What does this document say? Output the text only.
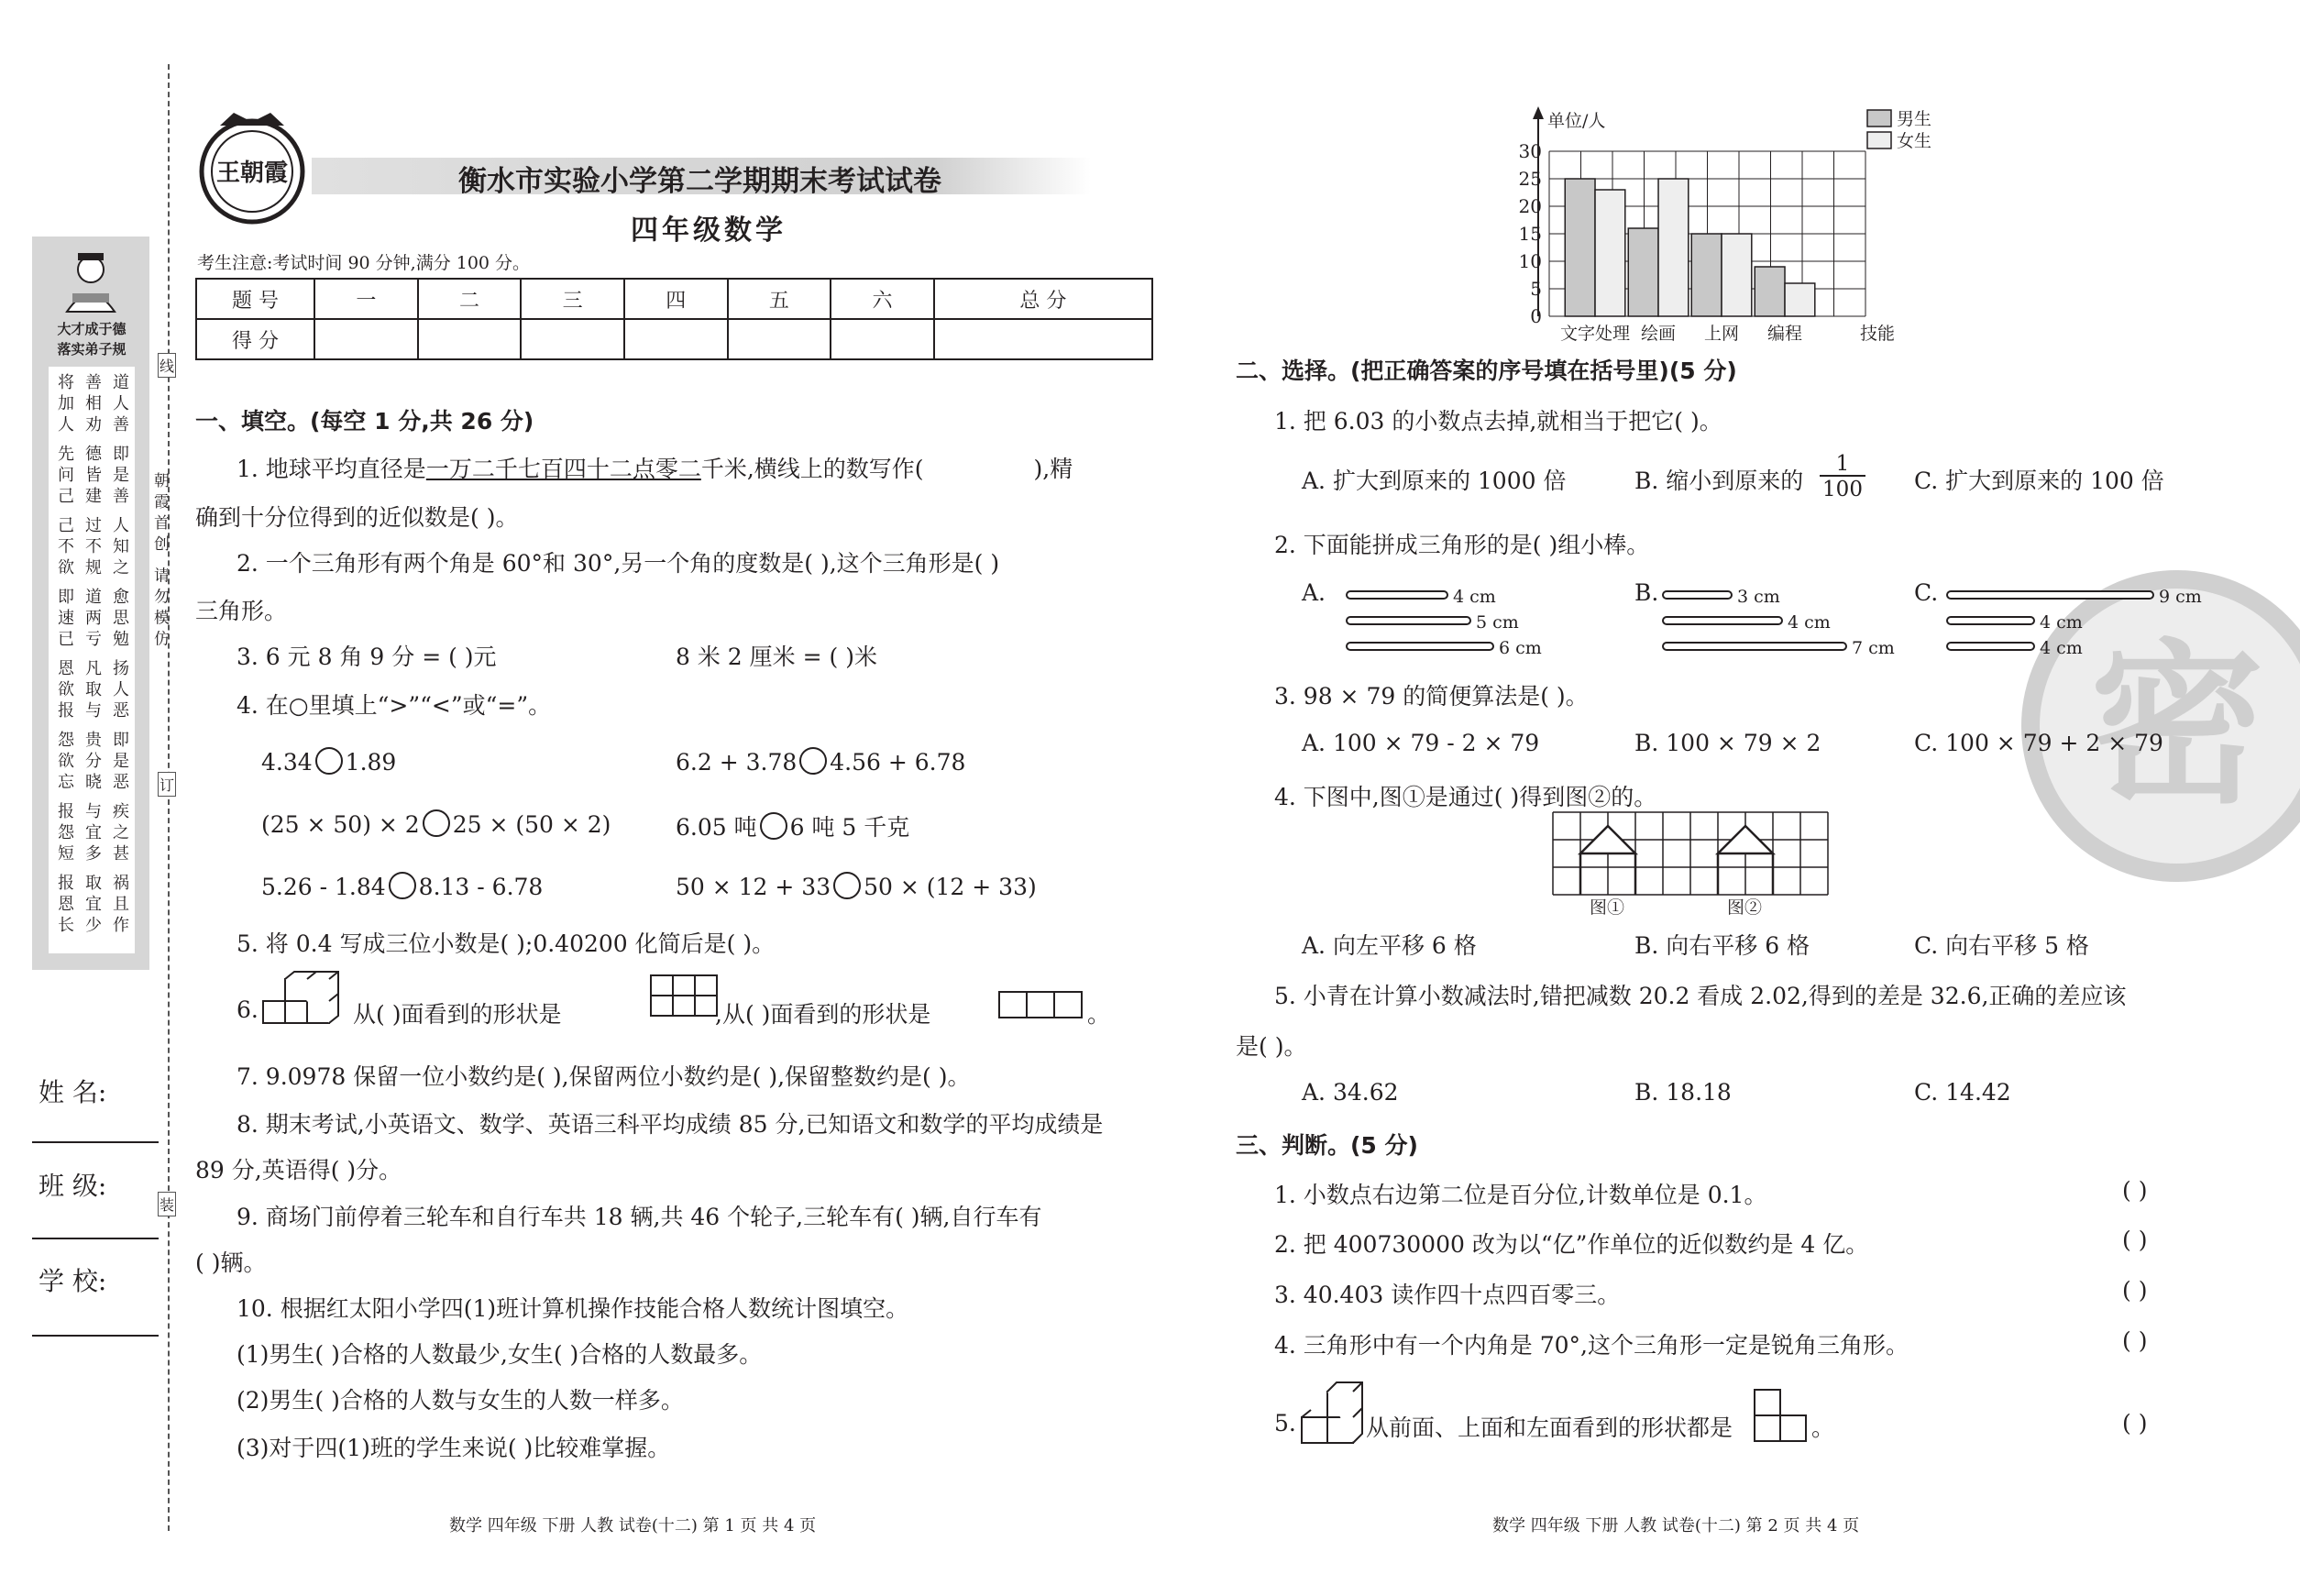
大才成于德
落实弟子规
将
加
人
善
相
劝
道
人
善
先
问
己
德
皆
建
即
是
善
己
不
欲
过
不
规
人
知
之
即
速
已
道
两
亏
愈
思
勉
恩
欲
报
凡
取
与
扬
人
恶
怨
欲
忘
贵
分
晓
即
是
恶
报
怨
短
与
宜
多
疾
之
甚
报
恩
长
取
宜
少
祸
且
作
姓 名:
班 级:
学 校:
朝霞首创 请勿模仿
线
订
装
王朝霞	衡水市实验小学第二学期期末考试试卷
四年级数学
考生注意:考试时间 90 分钟,满分 100 分。
题 号	一	二	三	四	五	六	总 分
得 分							
一、填空。(每空 1 分,共 26 分)
1. 地球平均直径是一万二千七百四十二点零二千米,横线上的数写作(	),精
确到十分位得到的近似数是( )。
2. 一个三角形有两个角是 60°和 30°,另一个角的度数是( ),这个三角形是( )
三角形。
3. 6 元 8 角 9 分 = ( )元	8 米 2 厘米 = ( )米
4. 在○里填上“>”“<”或“=”。
4.34 1.89	6.2 + 3.78 4.56 + 6.78
(25 × 50) × 2 25 × (50 × 2)	6.05 吨 6 吨 5 千克
5.26 - 1.84 8.13 - 6.78	50 × 12 + 33 50 × (12 + 33)
5. 将 0.4 写成三位小数是( );0.40200 化简后是( )。
6.	从( )面看到的形状是	,从( )面看到的形状是	。
7. 9.0978 保留一位小数约是( ),保留两位小数约是( ),保留整数约是( )。
8. 期末考试,小英语文、数学、英语三科平均成绩 85 分,已知语文和数学的平均成绩是
89 分,英语得( )分。
9. 商场门前停着三轮车和自行车共 18 辆,共 46 个轮子,三轮车有( )辆,自行车有
( )辆。
10. 根据红太阳小学四(1)班计算机操作技能合格人数统计图填空。
(1)男生( )合格的人数最少,女生( )合格的人数最多。
(2)男生( )合格的人数与女生的人数一样多。
(3)对于四(1)班的学生来说( )比较难掌握。
数学 四年级 下册 人教 试卷(十二) 第 1 页 共 4 页
0
5
10
15
20
25
30
单位/人
文字处理 绘画 上网 编程	技能
男生
女生
密
二、选择。(把正确答案的序号填在括号里)(5 分)
1. 把 6.03 的小数点去掉,就相当于把它( )。
A. 扩大到原来的 1000 倍	B. 缩小到原来的 $\frac{1}{100} C$. 扩大到原来的 100 倍
2. 下面能拼成三角形的是( )组小棒。
A.	4 cm
5 cm
6 cm
B.	3 cm
4 cm
7 cm
C.	9 cm
4 cm
4 cm
3. 98 × 79 的简便算法是( )。
A. 100 × 79 - 2 × 79	B. 100 × 79 × 2	C. 100 × 79 + 2 × 79
4. 下图中,图①是通过( )得到图②的。
图①	图②
A. 向左平移 6 格	B. 向右平移 6 格	C. 向右平移 5 格
5. 小青在计算小数减法时,错把减数 20.2 看成 2.02,得到的差是 32.6,正确的差应该
是( )。
A. 34.62	B. 18.18	C. 14.42
三、判断。(5 分)
1. 小数点右边第二位是百分位,计数单位是 0.1。	( )
2. 把 400730000 改为以“亿”作单位的近似数约是 4 亿。	( )
3. 40.403 读作四十点四百零三。	( )
4. 三角形中有一个内角是 70°,这个三角形一定是锐角三角形。	( )
5.	从前面、上面和左面看到的形状都是	。	( )
数学 四年级 下册 人教 试卷(十二) 第 2 页 共 4 页
